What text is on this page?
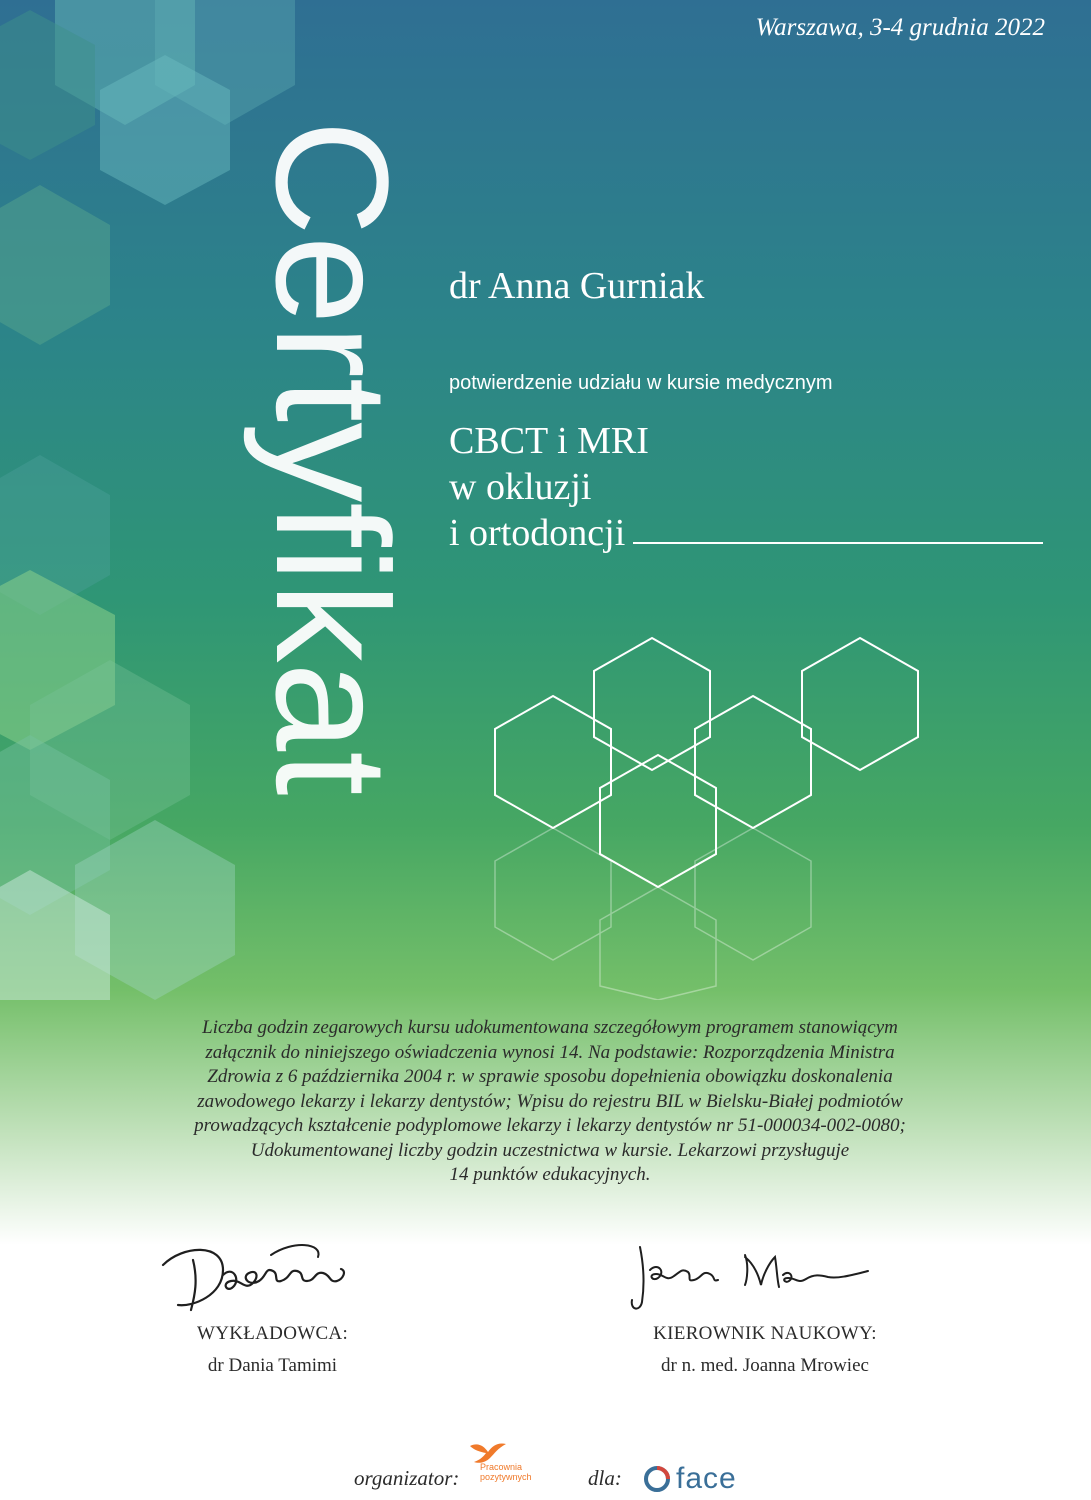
Certyfikat
Warszawa, 3-4 grudnia 2022
dr Anna Gurniak
potwierdzenie udziału w kursie medycznym
CBCT i MRI
w okluzji
i ortodoncji
Liczba godzin zegarowych kursu udokumentowana szczegółowym programem stanowiącym
załącznik do niniejszego oświadczenia wynosi 14. Na podstawie: Rozporządzenia Ministra
Zdrowia z 6 października 2004 r. w sprawie sposobu dopełnienia obowiązku doskonalenia
zawodowego lekarzy i lekarzy dentystów; Wpisu do rejestru BIL w Bielsku-Białej podmiotów
prowadzących kształcenie podyplomowe lekarzy i lekarzy dentystów nr 51-000034-002-0080;
Udokumentowanej liczby godzin uczestnictwa w kursie. Lekarzowi przysługuje
14 punktów edukacyjnych.
WYKŁADOWCA:
dr Dania Tamimi
KIEROWNIK NAUKOWY:
dr n. med. Joanna Mrowiec
organizator: Pracownia pozytywnych	dla: face
